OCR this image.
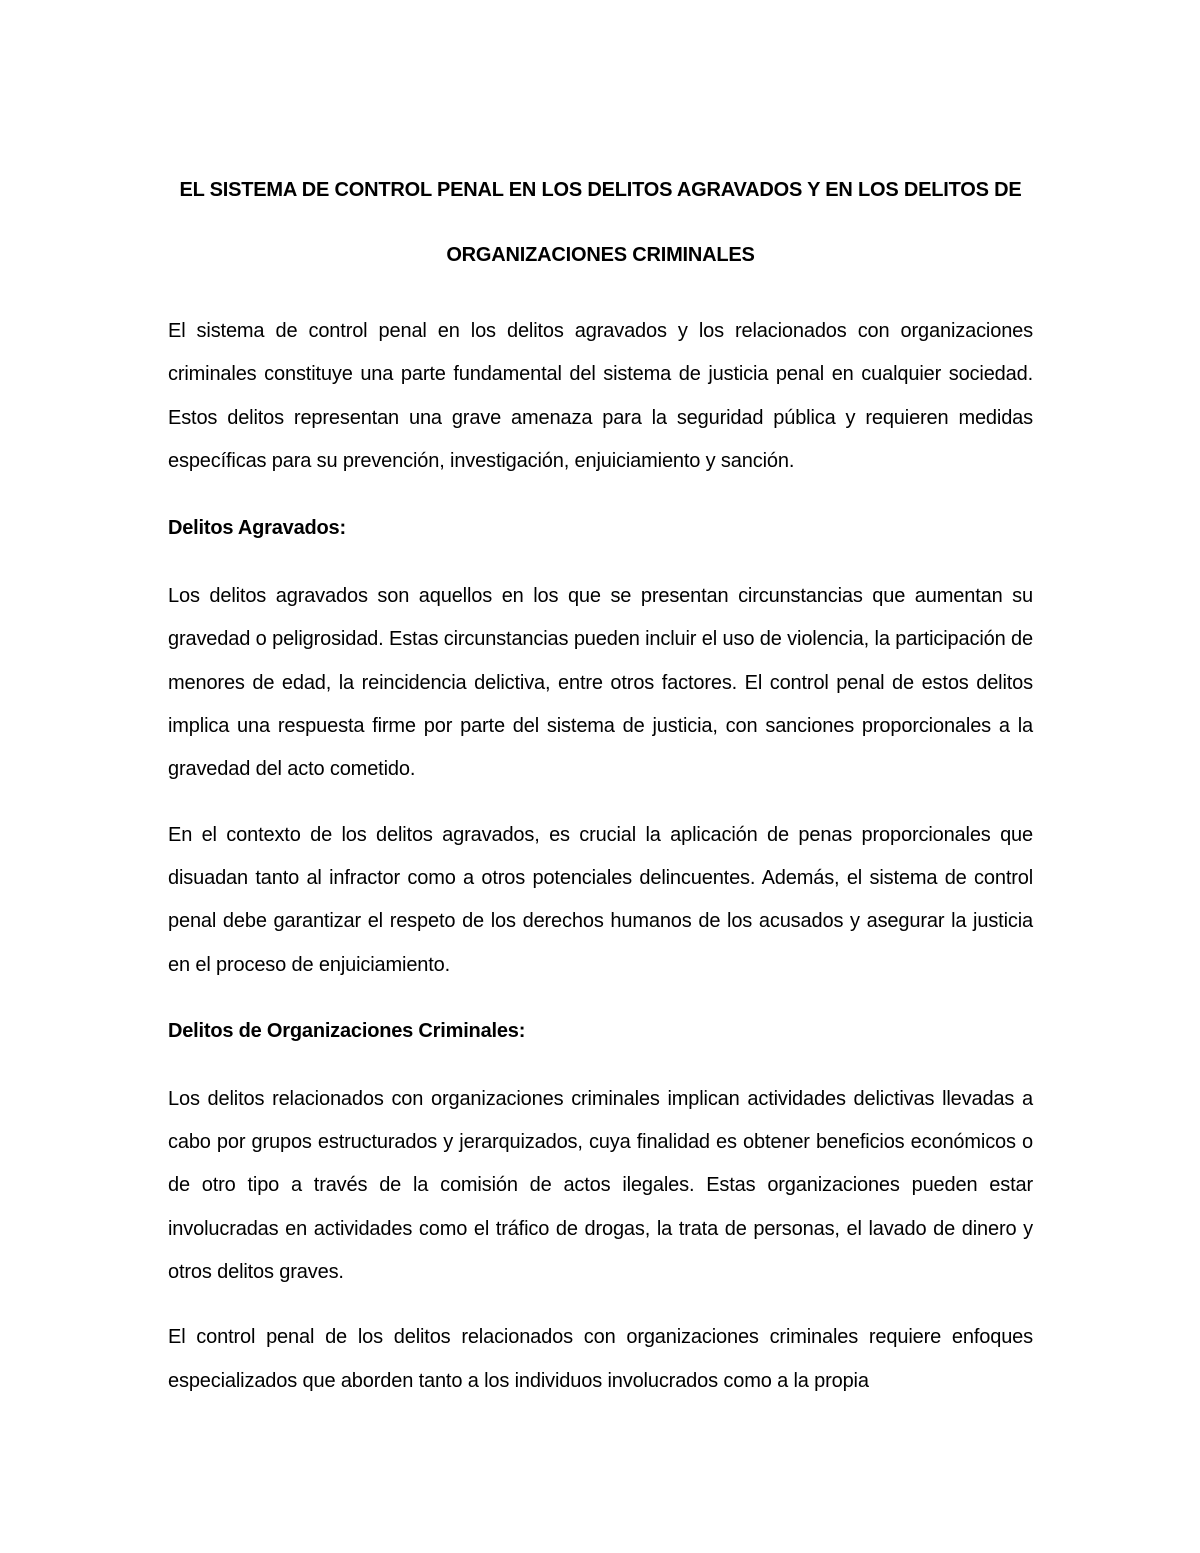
EL SISTEMA DE CONTROL PENAL EN LOS DELITOS AGRAVADOS Y EN LOS DELITOS DE
ORGANIZACIONES CRIMINALES

El sistema de control penal en los delitos agravados y los relacionados con organizaciones criminales constituye una parte fundamental del sistema de justicia penal en cualquier sociedad. Estos delitos representan una grave amenaza para la seguridad pública y requieren medidas específicas para su prevención, investigación, enjuiciamiento y sanción.

Delitos Agravados:

Los delitos agravados son aquellos en los que se presentan circunstancias que aumentan su gravedad o peligrosidad. Estas circunstancias pueden incluir el uso de violencia, la participación de menores de edad, la reincidencia delictiva, entre otros factores. El control penal de estos delitos implica una respuesta firme por parte del sistema de justicia, con sanciones proporcionales a la gravedad del acto cometido.

En el contexto de los delitos agravados, es crucial la aplicación de penas proporcionales que disuadan tanto al infractor como a otros potenciales delincuentes. Además, el sistema de control penal debe garantizar el respeto de los derechos humanos de los acusados y asegurar la justicia en el proceso de enjuiciamiento.

Delitos de Organizaciones Criminales:

Los delitos relacionados con organizaciones criminales implican actividades delictivas llevadas a cabo por grupos estructurados y jerarquizados, cuya finalidad es obtener beneficios económicos o de otro tipo a través de la comisión de actos ilegales. Estas organizaciones pueden estar involucradas en actividades como el tráfico de drogas, la trata de personas, el lavado de dinero y otros delitos graves.

El control penal de los delitos relacionados con organizaciones criminales requiere enfoques especializados que aborden tanto a los individuos involucrados como a la propia
